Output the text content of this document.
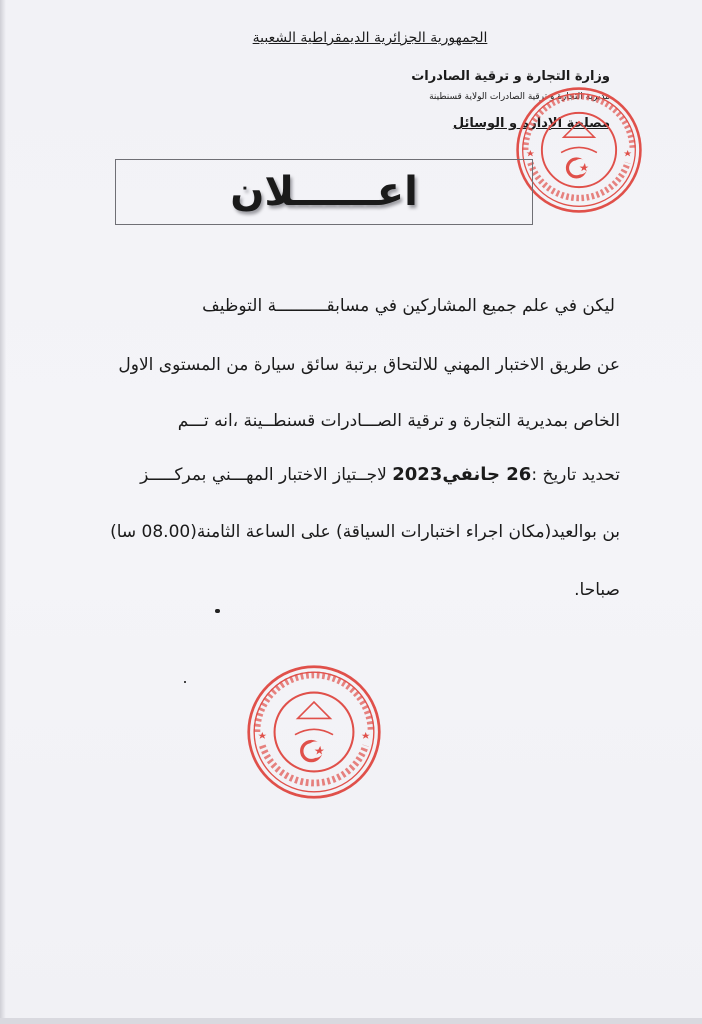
الجمهورية الجزائرية الديمقراطية الشعبية
وزارة التجارة و ترقية الصادرات
مديرية التجارة و ترقية الصادرات الولاية قسنطينة
مصلحة الإدارة و الوسائل
اعــــــلان
ليكن في علم جميع المشاركين في مسابقــــــــــة التوظيف
عن طريق الاختبار المهني للالتحاق برتبة سائق سيارة من المستوى الاول
الخاص بمديرية التجارة و ترقية الصـــادرات قسنطــينة ،انه تـــم
تحديد تاريخ :26 جانفي2023 لاجــتياز الاختبار المهـــني بمركـــــز
بن بوالعيد(مكان اجراء اختبارات السياقة) على الساعة الثامنة(08.00 سا)
صباحا.
